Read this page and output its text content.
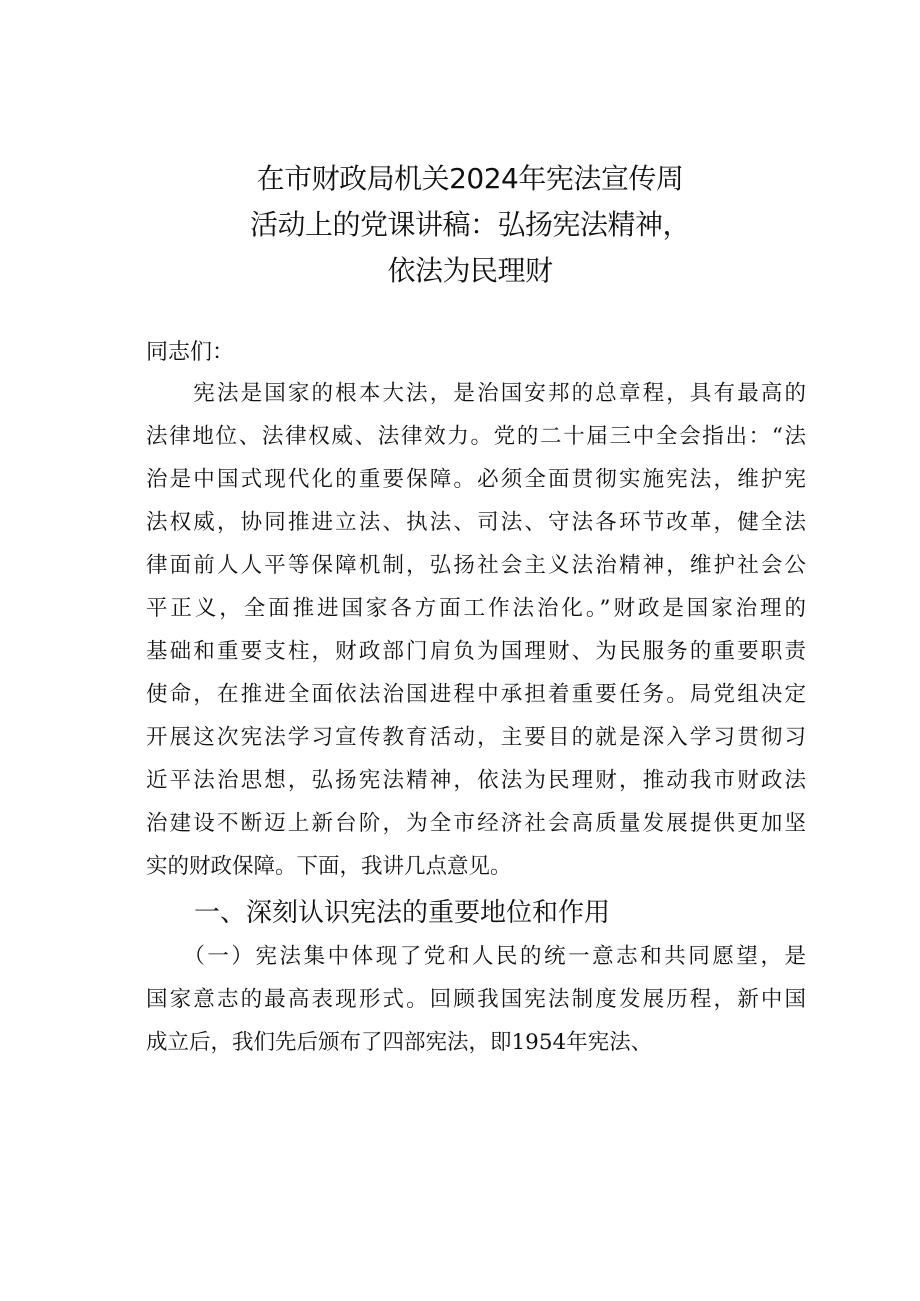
在市财政局机关2024年宪法宣传周
活动上的党课讲稿：弘扬宪法精神，
依法为民理财
同志们：
　　宪法是国家的根本大法，是治国安邦的总章程，具有最高的
法律地位、法律权威、法律效力。党的二十届三中全会指出：“法
治是中国式现代化的重要保障。必须全面贯彻实施宪法，维护宪
法权威，协同推进立法、执法、司法、守法各环节改革，健全法
律面前人人平等保障机制，弘扬社会主义法治精神，维护社会公
平正义，全面推进国家各方面工作法治化。”财政是国家治理的
基础和重要支柱，财政部门肩负为国理财、为民服务的重要职责
使命，在推进全面依法治国进程中承担着重要任务。局党组决定
开展这次宪法学习宣传教育活动，主要目的就是深入学习贯彻习
近平法治思想，弘扬宪法精神，依法为民理财，推动我市财政法
治建设不断迈上新台阶，为全市经济社会高质量发展提供更加坚
实的财政保障。下面，我讲几点意见。
一、深刻认识宪法的重要地位和作用
　　（一）宪法集中体现了党和人民的统一意志和共同愿望，是
国家意志的最高表现形式。回顾我国宪法制度发展历程，新中国
成立后，我们先后颁布了四部宪法，即1954年宪法、
